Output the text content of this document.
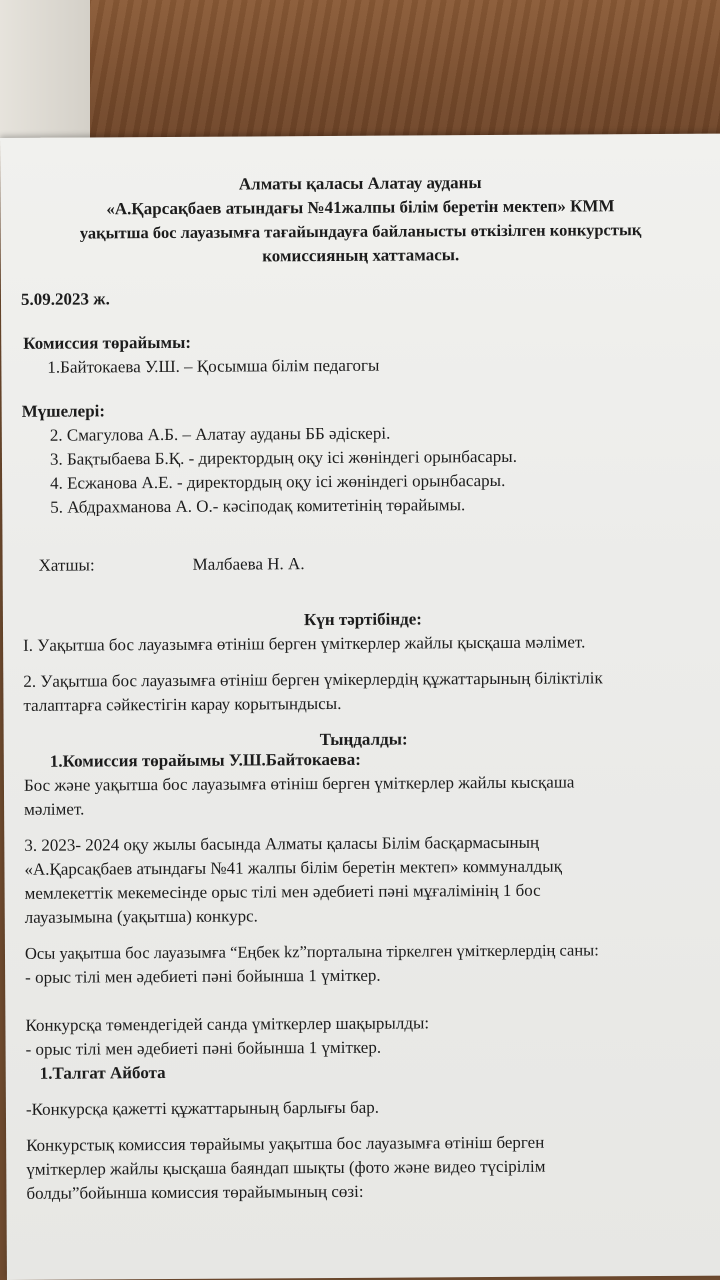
Алматы қаласы Алатау ауданы
«А.Қарсақбаев атындағы №41жалпы білім беретін мектеп» КММ
уақытша бос лауазымға тағайындауға байланысты өткізілген конкурстық
комиссияның хаттамасы.
5.09.2023 ж.
Комиссия төрайымы:
1.Байтокаева У.Ш. – Қосымша білім педагогы
Мүшелері:
2. Смагулова А.Б. – Алатау ауданы ББ әдіскері.
3. Бақтыбаева Б.Қ. - директордың оқу ісі жөніндегі орынбасары.
4. Есжанова А.Е. - директордың оқу ісі жөніндегі орынбасары.
5. Абдрахманова А. О.- кәсіподақ комитетінің төрайымы.
Хатшы:	Малбаева Н. А.
Күн тәртібінде:
I. Уақытша бос лауазымға өтініш берген үміткерлер жайлы қысқаша мәлімет.
2. Уақытша бос лауазымға өтініш берген үмікерлердің құжаттарының біліктілік
талаптарға сәйкестігін карау корытындысы.
Тыңдалды:
1.Комиссия төрайымы У.Ш.Байтокаева:
Бос және уақытша бос лауазымға өтініш берген үміткерлер жайлы кысқаша
мәлімет.
3. 2023- 2024 оқу жылы басында Алматы қаласы Білім басқармасының
«А.Қарсақбаев атындағы №41 жалпы білім беретін мектеп» коммуналдық
мемлекеттік мекемесінде орыс тілі мен әдебиеті пәні мұғалімінің 1 бос
лауазымына (уақытша) конкурс.
Осы уақытша бос лауазымға “Еңбек kz”порталына тіркелген үміткерлердің саны:
- орыс тілі мен әдебиеті пәні бойынша 1 үміткер.
Конкурсқа төмендегідей санда үміткерлер шақырылды:
- орыс тілі мен әдебиеті пәні бойынша 1 үміткер.
1.Талгат Айбота
-Конкурсқа қажетті құжаттарының барлығы бар.
Конкурстық комиссия төрайымы уақытша бос лауазымға өтініш берген
үміткерлер жайлы қысқаша баяндап шықты (фото және видео түсірілім
болды”бойынша комиссия төрайымының сөзі:
